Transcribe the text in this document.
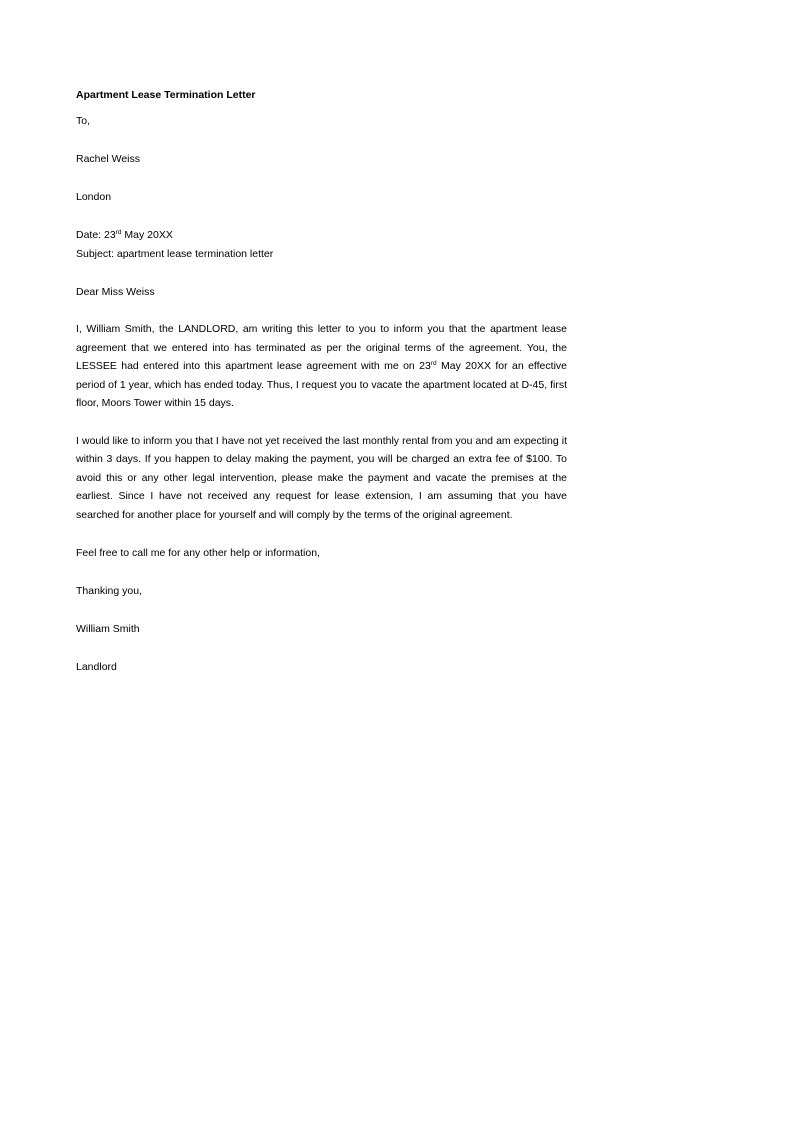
Apartment Lease Termination Letter

To,

Rachel Weiss

London

Date: 23rd May 20XX

Subject: apartment lease termination letter

Dear Miss Weiss

I, William Smith, the LANDLORD, am writing this letter to you to inform you that the apartment lease agreement that we entered into has terminated as per the original terms of the agreement. You, the LESSEE had entered into this apartment lease agreement with me on 23rd May 20XX for an effective period of 1 year, which has ended today. Thus, I request you to vacate the apartment located at D-45, first floor, Moors Tower within 15 days.

I would like to inform you that I have not yet received the last monthly rental from you and am expecting it within 3 days. If you happen to delay making the payment, you will be charged an extra fee of $100. To avoid this or any other legal intervention, please make the payment and vacate the premises at the earliest. Since I have not received any request for lease extension, I am assuming that you have searched for another place for yourself and will comply by the terms of the original agreement.

Feel free to call me for any other help or information,

Thanking you,

William Smith

Landlord
